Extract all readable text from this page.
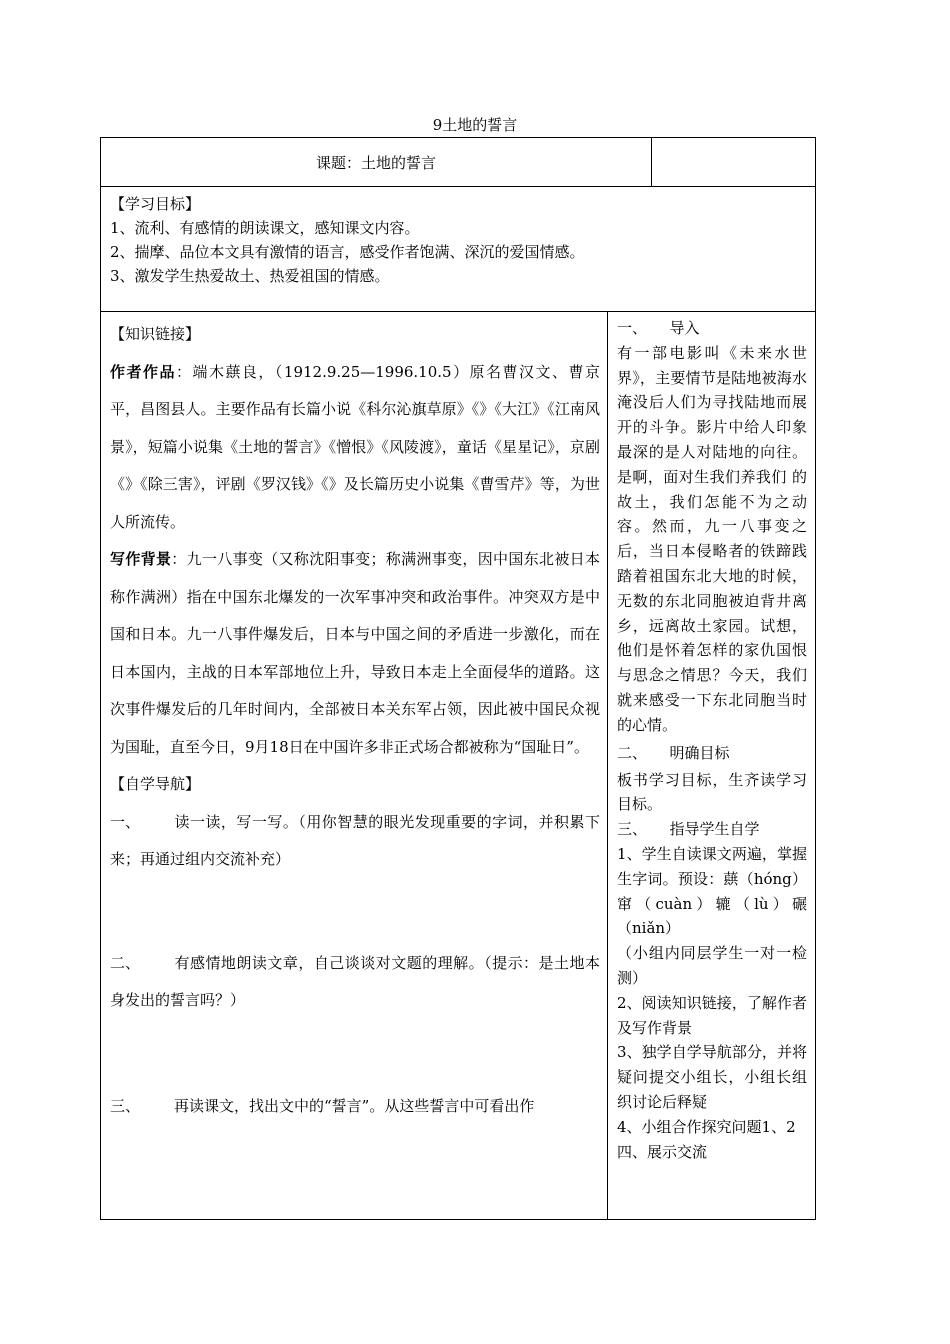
9土地的誓言
课题：土地的誓言
【学习目标】
1、流利、有感情的朗读课文，感知课文内容。
2、揣摩、品位本文具有激情的语言，感受作者饱满、深沉的爱国情感。
3、激发学生热爱故土、热爱祖国的情感。

【知识链接】

作者作品：端木蕻良，（1912.9.25—1996.10.5）原名曹汉文、曹京平，昌图县人。主要作品有长篇小说《科尔沁旗草原》《》《大江》《江南风景》，短篇小说集《土地的誓言》《憎恨》《风陵渡》，童话《星星记》，京剧《》《除三害》，评剧《罗汉钱》《》及长篇历史小说集《曹雪芹》等，为世人所流传。

写作背景：九一八事变（又称沈阳事变；称满洲事变，因中国东北被日本称作满洲）指在中国东北爆发的一次军事冲突和政治事件。冲突双方是中国和日本。九一八事件爆发后，日本与中国之间的矛盾进一步激化，而在日本国内，主战的日本军部地位上升，导致日本走上全面侵华的道路。这次事件爆发后的几年时间内，全部被日本关东军占领，因此被中国民众视为国耻，直至今日，9月18日在中国许多非正式场合都被称为“国耻日”。

【自学导航】

一、 读一读，写一写。（用你智慧的眼光发现重要的字词，并积累下来；再通过组内交流补充）

二、 有感情地朗读文章，自己谈谈对文题的理解。（提示：是土地本身发出的誓言吗？）

三、 再读课文，找出文中的“誓言”。从这些誓言中可看出作

一、　　导入

有一部电影叫《未来水世界》，主要情节是陆地被海水淹没后人们为寻找陆地而展开的斗争。影片中给人印象最深的是人对陆地的向往。是啊，面对生我们养我们 的故土，我们怎能不为之动容。然而，九一八事变之后，当日本侵略者的铁蹄践踏着祖国东北大地的时候，无数的东北同胞被迫背井离乡，远离故土家园。试想，他们是怀着怎样的家仇国恨与思念之情思？今天，我们就来感受一下东北同胞当时的心情。

二、　　明确目标

板书学习目标，生齐读学习目标。

三、　　指导学生自学

1、学生自读课文两遍，掌握生字词。预设：蕻（hóng）窜（cuàn）辘（lù）碾（niǎn）

（小组内同层学生一对一检测）

2、阅读知识链接，了解作者及写作背景

3、独学自学导航部分，并将疑问提交小组长，小组长组织讨论后释疑

4、小组合作探究问题1、2

四、展示交流
